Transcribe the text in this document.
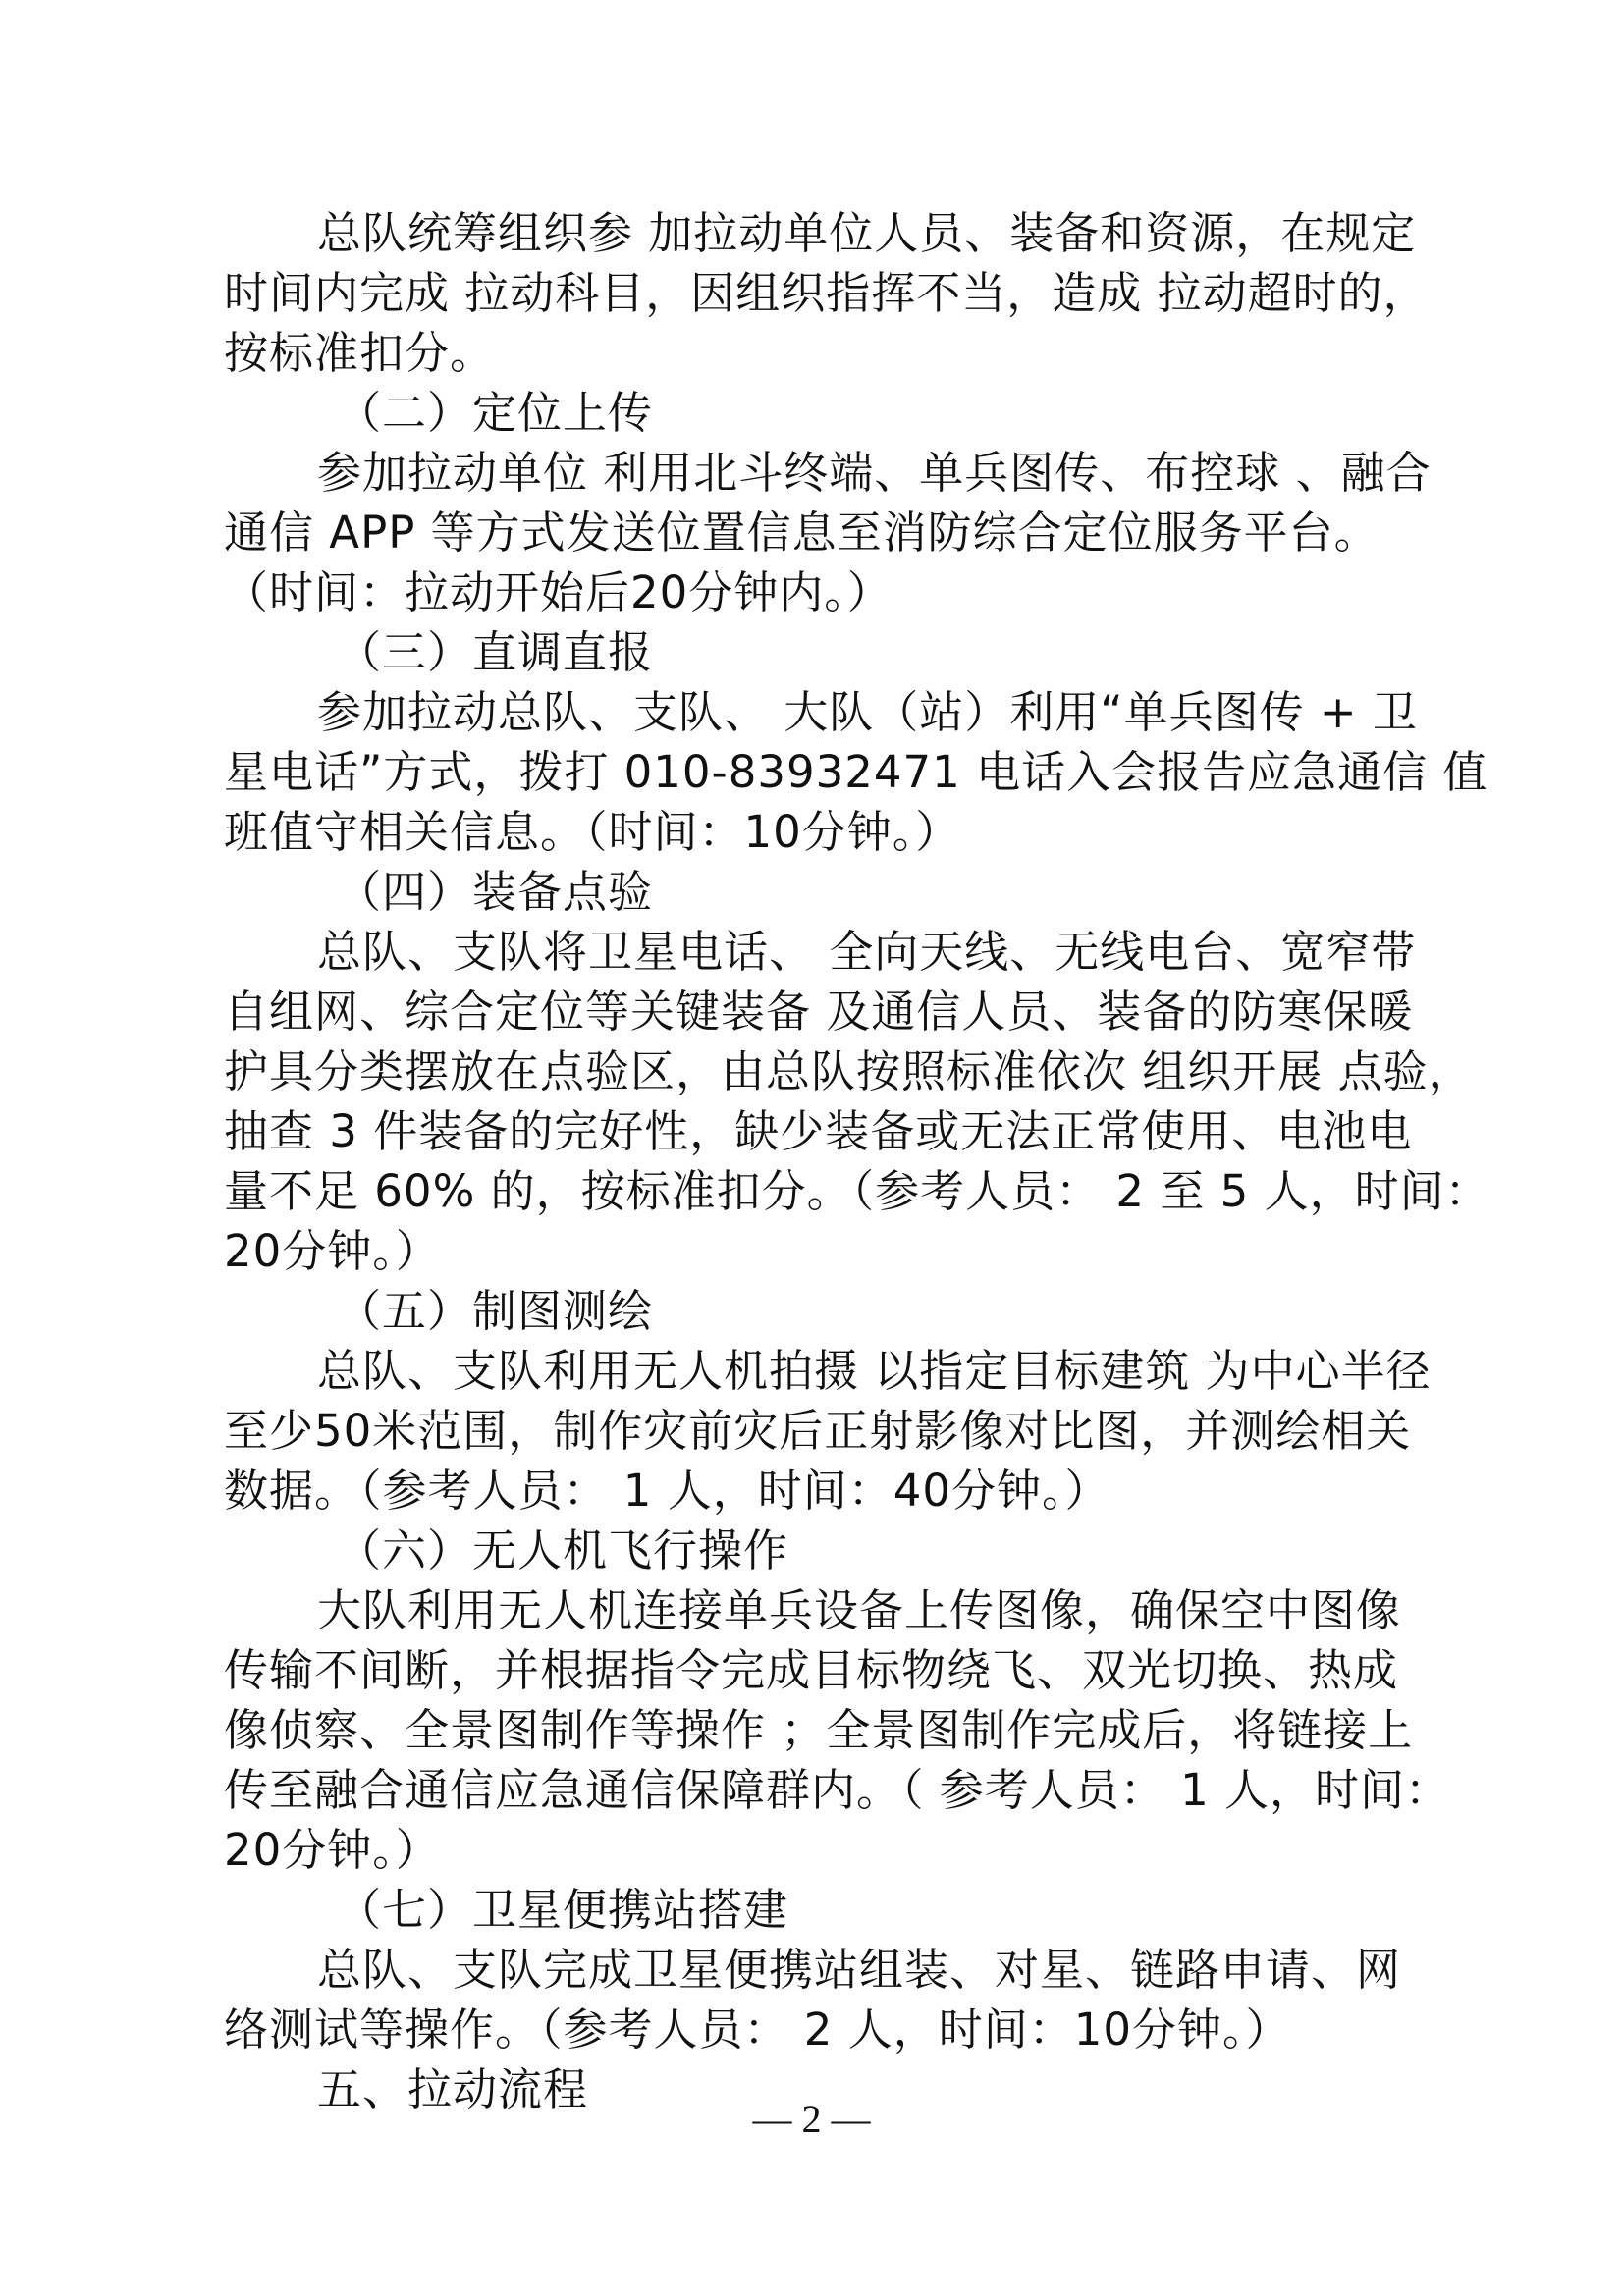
总队统筹组织参 加拉动单位人员、装备和资源，在规定
时间内完成 拉动科目，因组织指挥不当，造成 拉动超时的，
按标准扣分。
（二）定位上传
参加拉动单位 利用北斗终端、单兵图传、布控球 、融合
通信 APP 等方式发送位置信息至消防综合定位服务平台。
（时间：拉动开始后20分钟内。）
（三）直调直报
参加拉动总队、支队、 大队（站）利用“单兵图传 + 卫
星电话”方式，拨打 010-83932471 电话入会报告应急通信 值
班值守相关信息。（时间：10分钟。）
（四）装备点验
总队、支队将卫星电话、 全向天线、无线电台、宽窄带
自组网、综合定位等关键装备 及通信人员、装备的防寒保暖
护具分类摆放在点验区，由总队按照标准依次 组织开展 点验，
抽查 3 件装备的完好性，缺少装备或无法正常使用、电池电
量不足 60% 的，按标准扣分。（参考人员： 2 至 5 人，时间：
20分钟。）
（五）制图测绘
总队、支队利用无人机拍摄 以指定目标建筑 为中心半径
至少50米范围，制作灾前灾后正射影像对比图，并测绘相关
数据。（参考人员： 1 人，时间：40分钟。）
（六）无人机飞行操作
大队利用无人机连接单兵设备上传图像，确保空中图像
传输不间断，并根据指令完成目标物绕飞、双光切换、热成
像侦察、全景图制作等操作 ；全景图制作完成后，将链接上
传至融合通信应急通信保障群内。（ 参考人员： 1 人，时间：
20分钟。）
（七）卫星便携站搭建
总队、支队完成卫星便携站组装、对星、链路申请、网
络测试等操作。（参考人员： 2 人，时间：10分钟。）
五、拉动流程
— 2 —
